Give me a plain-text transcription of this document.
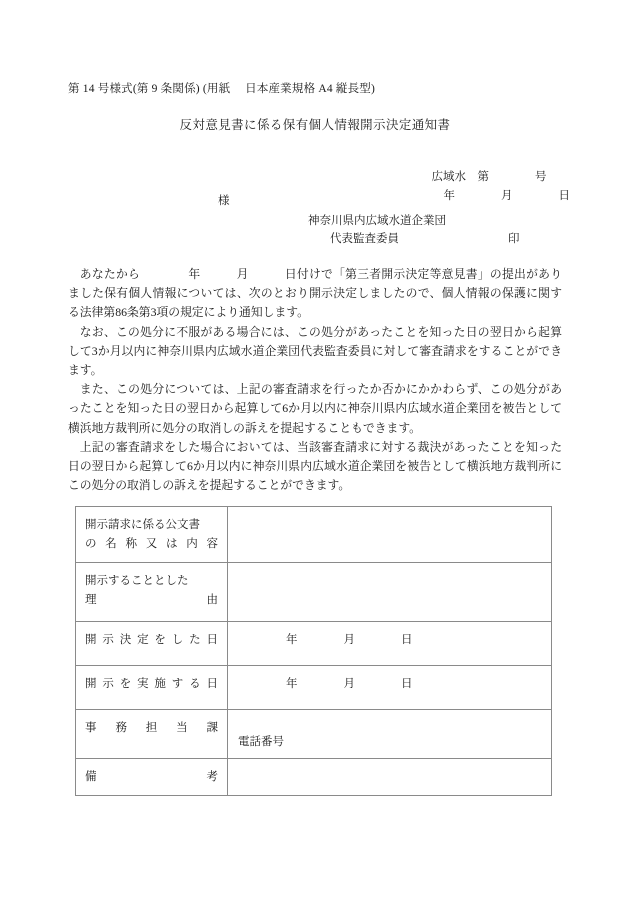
第 14 号様式(第 9 条関係) (用紙　 日本産業規格 A4 縦長型)
反対意見書に係る保有個人情報開示決定通知書

広域水　第　　　　号

年　　　　月　　　　日

様
神奈川県内広域水道企業団
代表監査委員	印

あなたから　　　　年　　　月　　　日付けで「第三者開示決定等意見書」の提出がありました保有個人情報については、次のとおり開示決定しましたので、個人情報の保護に関する法律第86条第3項の規定により通知します。

なお、この処分に不服がある場合には、この処分があったことを知った日の翌日から起算して3か月以内に神奈川県内広域水道企業団代表監査委員に対して審査請求をすることができます。

また、この処分については、上記の審査請求を行ったか否かにかかわらず、この処分があったことを知った日の翌日から起算して6か月以内に神奈川県内広域水道企業団を被告として横浜地方裁判所に処分の取消しの訴えを提起することもできます。

上記の審査請求をした場合においては、当該審査請求に対する裁決があったことを知った日の翌日から起算して6か月以内に神奈川県内広域水道企業団を被告として横浜地方裁判所にこの処分の取消しの訴えを提起することができます。

開示請求に係る公文書
の名称又は内容	

開示することとした
理由	

開示決定をした日	年　　　　月　　　　日

開示を実施する日	年　　　　月　　　　日

事務担当課	電話番号

備考	
